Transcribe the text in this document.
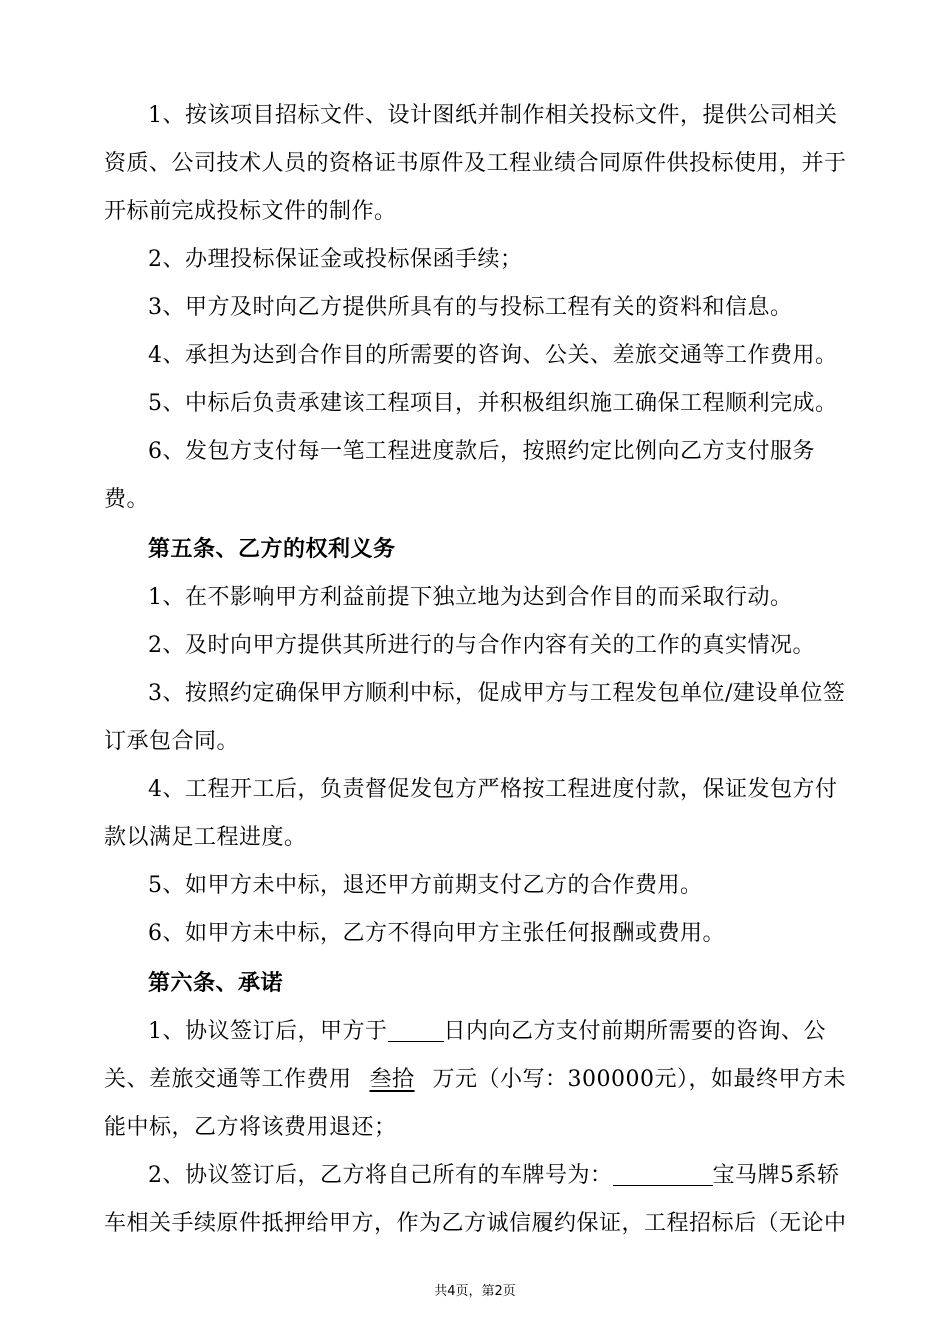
1、按该项目招标文件、设计图纸并制作相关投标文件，提供公司相关资质、公司技术人员的资格证书原件及工程业绩合同原件供投标使用，并于开标前完成投标文件的制作。

2、办理投标保证金或投标保函手续；

3、甲方及时向乙方提供所具有的与投标工程有关的资料和信息。

4、承担为达到合作目的所需要的咨询、公关、差旅交通等工作费用。

5、中标后负责承建该工程项目，并积极组织施工确保工程顺利完成。

6、发包方支付每一笔工程进度款后，按照约定比例向乙方支付服务费。

第五条、乙方的权利义务

1、在不影响甲方利益前提下独立地为达到合作目的而采取行动。

2、及时向甲方提供其所进行的与合作内容有关的工作的真实情况。

3、按照约定确保甲方顺利中标，促成甲方与工程发包单位/建设单位签订承包合同。

4、工程开工后，负责督促发包方严格按工程进度付款，保证发包方付款以满足工程进度。

5、如甲方未中标，退还甲方前期支付乙方的合作费用。

6、如甲方未中标，乙方不得向甲方主张任何报酬或费用。

第六条、承诺

1、协议签订后，甲方于	日内向乙方支付前期所需要的咨询、公关、差旅交通等工作费用 叁拾 万元（小写：300000元），如最终甲方未能中标，乙方将该费用退还；

2、协议签订后，乙方将自己所有的车牌号为：	宝马牌5系轿车相关手续原件抵押给甲方，作为乙方诚信履约保证，工程招标后（无论中

共4页，第2页
